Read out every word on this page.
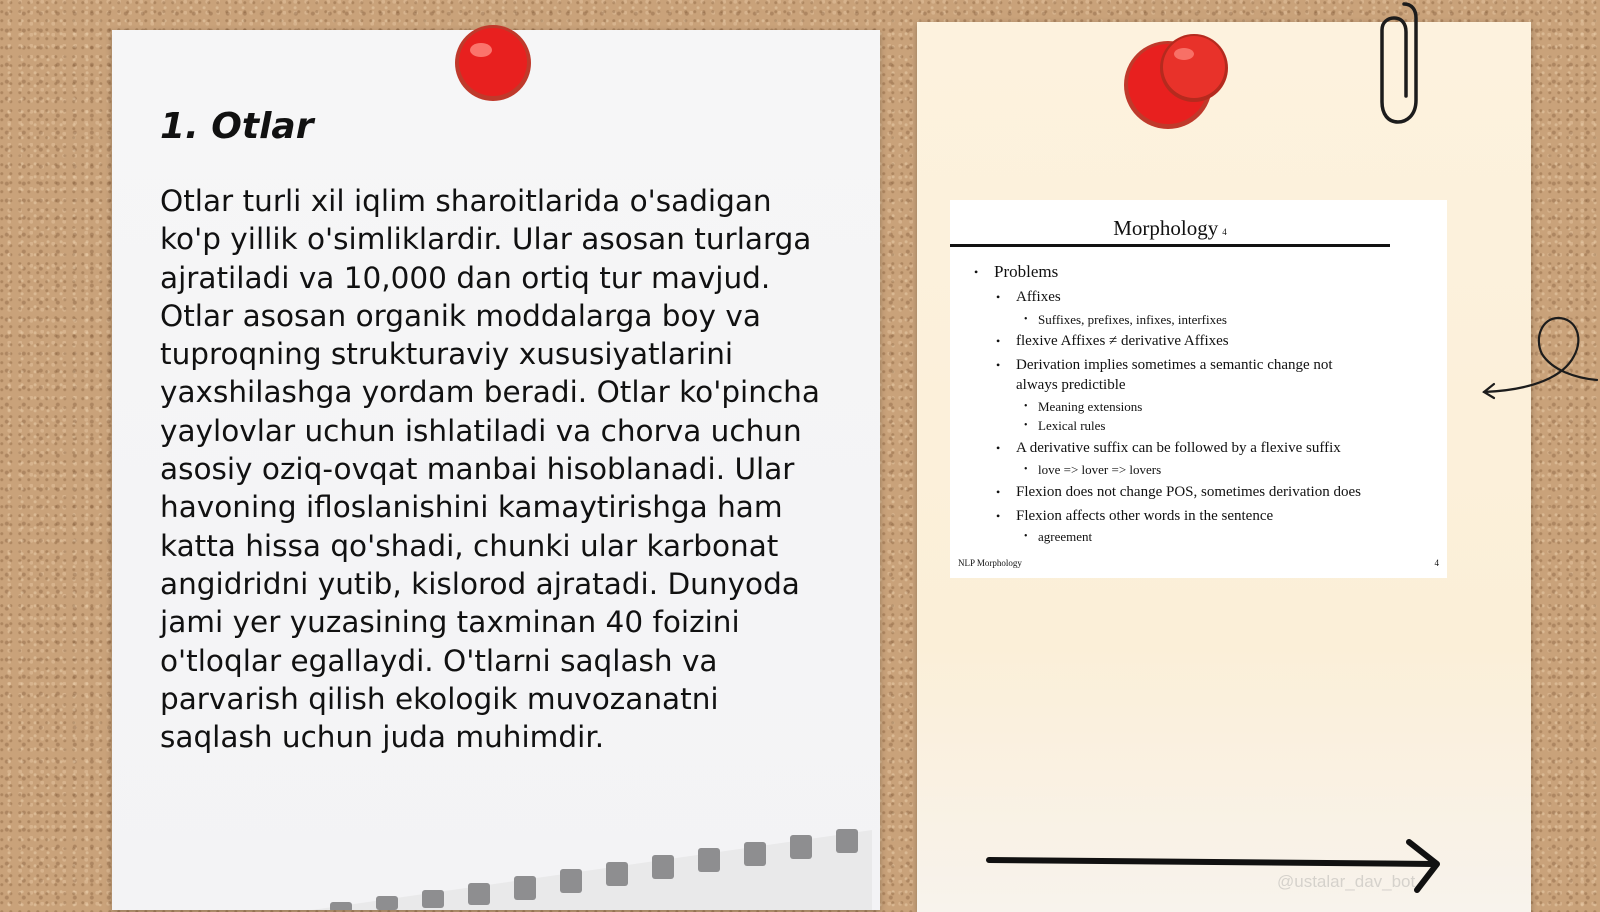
1. Otlar

Otlar turli xil iqlim sharoitlarida o'sadigan ko'p yillik o'simliklardir. Ular asosan turlarga ajratiladi va 10,000 dan ortiq tur mavjud. Otlar asosan organik moddalarga boy va tuproqning strukturaviy xususiyatlarini yaxshilashga yordam beradi. Otlar ko'pincha yaylovlar uchun ishlatiladi va chorva uchun asosiy oziq-ovqat manbai hisoblanadi. Ular havoning ifloslanishini kamaytirishga ham katta hissa qo'shadi, chunki ular karbonat angidridni yutib, kislorod ajratadi. Dunyoda jami yer yuzasining taxminan 40 foizini o'tloqlar egallaydi. O'tlarni saqlash va parvarish qilish ekologik muvozanatni saqlash uchun juda muhimdir.

Morphology 4
• Problems
• Affixes
• Suffixes, prefixes, infixes, interfixes
• flexive Affixes ≠ derivative Affixes
• Derivation implies sometimes a semantic change not
always predictible
• Meaning extensions
• Lexical rules
• A derivative suffix can be followed by a flexive suffix
• love => lover => lovers
• Flexion does not change POS, sometimes derivation does
• Flexion affects other words in the sentence
• agreement
NLP Morphology	4
@ustalar_dav_bot
